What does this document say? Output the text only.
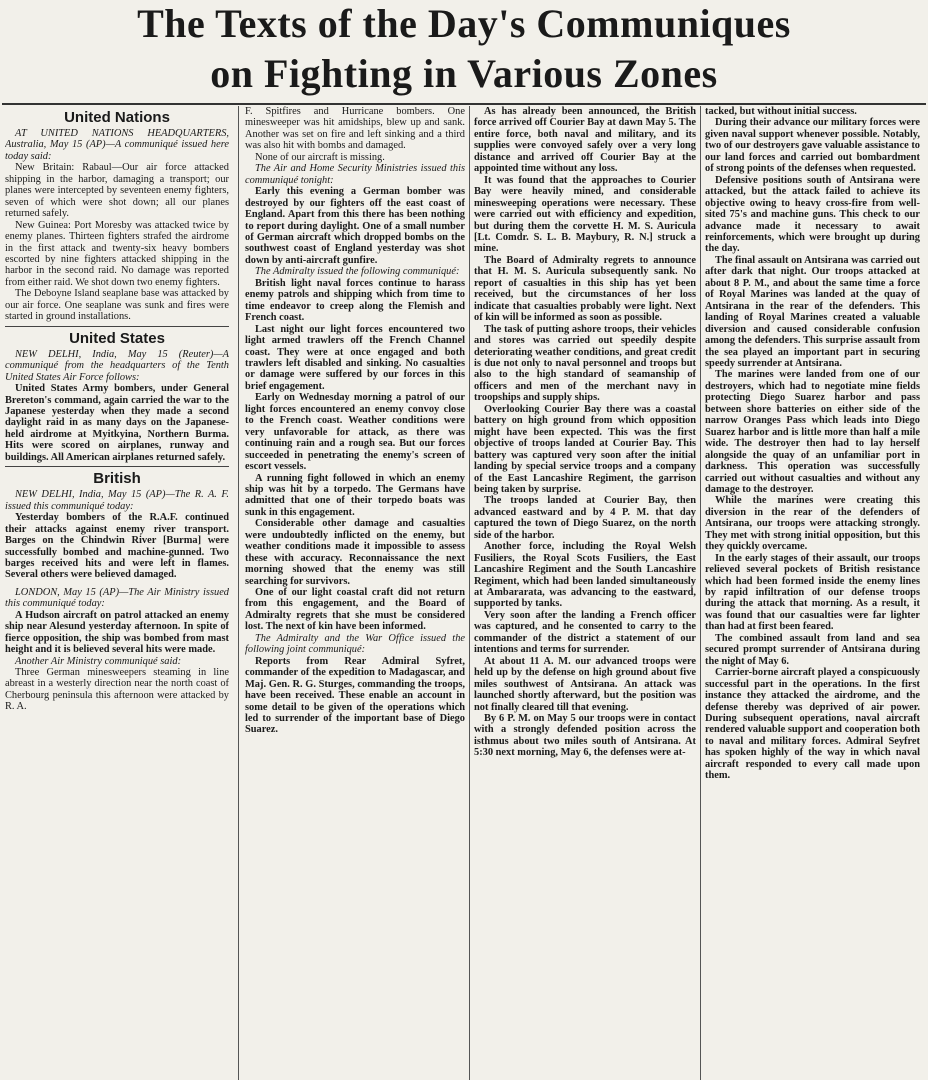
The Texts of the Day's Communiques
on Fighting in Various Zones
United Nations

AT UNITED NATIONS HEADQUARTERS, Australia, May 15 (AP)—A communiqué issued here today said:

New Britain: Rabaul—Our air force attacked shipping in the harbor, damaging a transport; our planes were intercepted by seventeen enemy fighters, seven of which were shot down; all our planes returned safely.

New Guinea: Port Moresby was attacked twice by enemy planes. Thirteen fighters strafed the airdrome in the first attack and twenty-six heavy bombers escorted by nine fighters attacked shipping in the harbor in the second raid. No damage was reported from either raid. We shot down two enemy fighters.

The Deboyne Island seaplane base was attacked by our air force. One seaplane was sunk and fires were started in ground installations.

United States

NEW DELHI, India, May 15 (Reuter)—A communiqué from the headquarters of the Tenth United States Air Force follows:

United States Army bombers, under General Brereton's command, again carried the war to the Japanese yesterday when they made a second daylight raid in as many days on the Japanese-held airdrome at Myitkyina, Northern Burma. Hits were scored on airplanes, runway and buildings. All American airplanes returned safely.

British

NEW DELHI, India, May 15 (AP)—The R. A. F. issued this communiqué today:

Yesterday bombers of the R.A.F. continued their attacks against enemy river transport. Barges on the Chindwin River [Burma] were successfully bombed and machine-gunned. Two barges received hits and were left in flames. Several others were believed damaged.

LONDON, May 15 (AP)—The Air Ministry issued this communiqué today:

A Hudson aircraft on patrol attacked an enemy ship near Alesund yesterday afternoon. In spite of fierce opposition, the ship was bombed from mast height and it is believed several hits were made.

Another Air Ministry communiqué said:

Three German minesweepers steaming in line abreast in a westerly direction near the north coast of Cherbourg peninsula this afternoon were attacked by R. A.

F. Spitfires and Hurricane bombers. One minesweeper was hit amidships, blew up and sank. Another was set on fire and left sinking and a third was also hit with bombs and damaged.

None of our aircraft is missing.

The Air and Home Security Ministries issued this communiqué tonight:

Early this evening a German bomber was destroyed by our fighters off the east coast of England. Apart from this there has been nothing to report during daylight. One of a small number of German aircraft which dropped bombs on the southwest coast of England yesterday was shot down by anti-aircraft gunfire.

The Admiralty issued the following communiqué:

British light naval forces continue to harass enemy patrols and shipping which from time to time endeavor to creep along the Flemish and French coast.

Last night our light forces encountered two light armed trawlers off the French Channel coast. They were at once engaged and both trawlers left disabled and sinking. No casualties or damage were suffered by our forces in this brief engagement.

Early on Wednesday morning a patrol of our light forces encountered an enemy convoy close to the French coast. Weather conditions were very unfavorable for attack, as there was continuing rain and a rough sea. But our forces succeeded in penetrating the enemy's screen of escort vessels.

A running fight followed in which an enemy ship was hit by a torpedo. The Germans have admitted that one of their torpedo boats was sunk in this engagement.

Considerable other damage and casualties were undoubtedly inflicted on the enemy, but weather conditions made it impossible to assess these with accuracy. Reconnaissance the next morning showed that the enemy was still searching for survivors.

One of our light coastal craft did not return from this engagement, and the Board of Admiralty regrets that she must be considered lost. The next of kin have been informed.

The Admiralty and the War Office issued the following joint communiqué:

Reports from Rear Admiral Syfret, commander of the expedition to Madagascar, and Maj. Gen. R. G. Sturges, commanding the troops, have been received. These enable an account in some detail to be given of the operations which led to surrender of the important base of Diego Suarez.

As has already been announced, the British force arrived off Courier Bay at dawn May 5. The entire force, both naval and military, and its supplies were convoyed safely over a very long distance and arrived off Courier Bay at the appointed time without any loss.

It was found that the approaches to Courier Bay were heavily mined, and considerable minesweeping operations were necessary. These were carried out with efficiency and expedition, but during them the corvette H. M. S. Auricula [Lt. Comdr. S. L. B. Maybury, R. N.] struck a mine.

The Board of Admiralty regrets to announce that H. M. S. Auricula subsequently sank. No report of casualties in this ship has yet been received, but the circumstances of her loss indicate that casualties probably were light. Next of kin will be informed as soon as possible.

The task of putting ashore troops, their vehicles and stores was carried out speedily despite deteriorating weather conditions, and great credit is due not only to naval personnel and troops but also to the high standard of seamanship of officers and men of the merchant navy in troopships and supply ships.

Overlooking Courier Bay there was a coastal battery on high ground from which opposition might have been expected. This was the first objective of troops landed at Courier Bay. This battery was captured very soon after the initial landing by special service troops and a company of the East Lancashire Regiment, the garrison being taken by surprise.

The troops landed at Courier Bay, then advanced eastward and by 4 P. M. that day captured the town of Diego Suarez, on the north side of the harbor.

Another force, including the Royal Welsh Fusiliers, the Royal Scots Fusiliers, the East Lancashire Regiment and the South Lancashire Regiment, which had been landed simultaneously at Ambararata, was advancing to the eastward, supported by tanks.

Very soon after the landing a French officer was captured, and he consented to carry to the commander of the district a statement of our intentions and terms for surrender.

At about 11 A. M. our advanced troops were held up by the defense on high ground about five miles southwest of Antsirana. An attack was launched shortly afterward, but the position was not finally cleared till that evening.

By 6 P. M. on May 5 our troops were in contact with a strongly defended position across the isthmus about two miles south of Antsirana. At 5:30 next morning, May 6, the defenses were at-

tacked, but without initial success.

During their advance our military forces were given naval support whenever possible. Notably, two of our destroyers gave valuable assistance to our land forces and carried out bombardment of strong points of the defenses when requested.

Defensive positions south of Antsirana were attacked, but the attack failed to achieve its objective owing to heavy cross-fire from well-sited 75's and machine guns. This check to our advance made it necessary to await reinforcements, which were brought up during the day.

The final assault on Antsirana was carried out after dark that night. Our troops attacked at about 8 P. M., and about the same time a force of Royal Marines was landed at the quay of Antsirana in the rear of the defenders. This landing of Royal Marines created a valuable diversion and caused considerable confusion among the defenders. This surprise assault from the sea played an important part in securing speedy surrender at Antsirana.

The marines were landed from one of our destroyers, which had to negotiate mine fields protecting Diego Suarez harbor and pass between shore batteries on either side of the narrow Oranges Pass which leads into Diego Suarez harbor and is little more than half a mile wide. The destroyer then had to lay herself alongside the quay of an unfamiliar port in darkness. This operation was successfully carried out without casualties and without any damage to the destroyer.

While the marines were creating this diversion in the rear of the defenders of Antsirana, our troops were attacking strongly. They met with strong initial opposition, but this they quickly overcame.

In the early stages of their assault, our troops relieved several pockets of British resistance which had been formed inside the enemy lines by rapid infiltration of our defense troops during the attack that morning. As a result, it was found that our casualties were far lighter than had at first been feared.

The combined assault from land and sea secured prompt surrender of Antsirana during the night of May 6.

Carrier-borne aircraft played a conspicuously successful part in the operations. In the first instance they attacked the airdrome, and the defense thereby was deprived of air power. During subsequent operations, naval aircraft rendered valuable support and cooperation both to naval and military forces. Admiral Seyfret has spoken highly of the way in which naval aircraft responded to every call made upon them.
